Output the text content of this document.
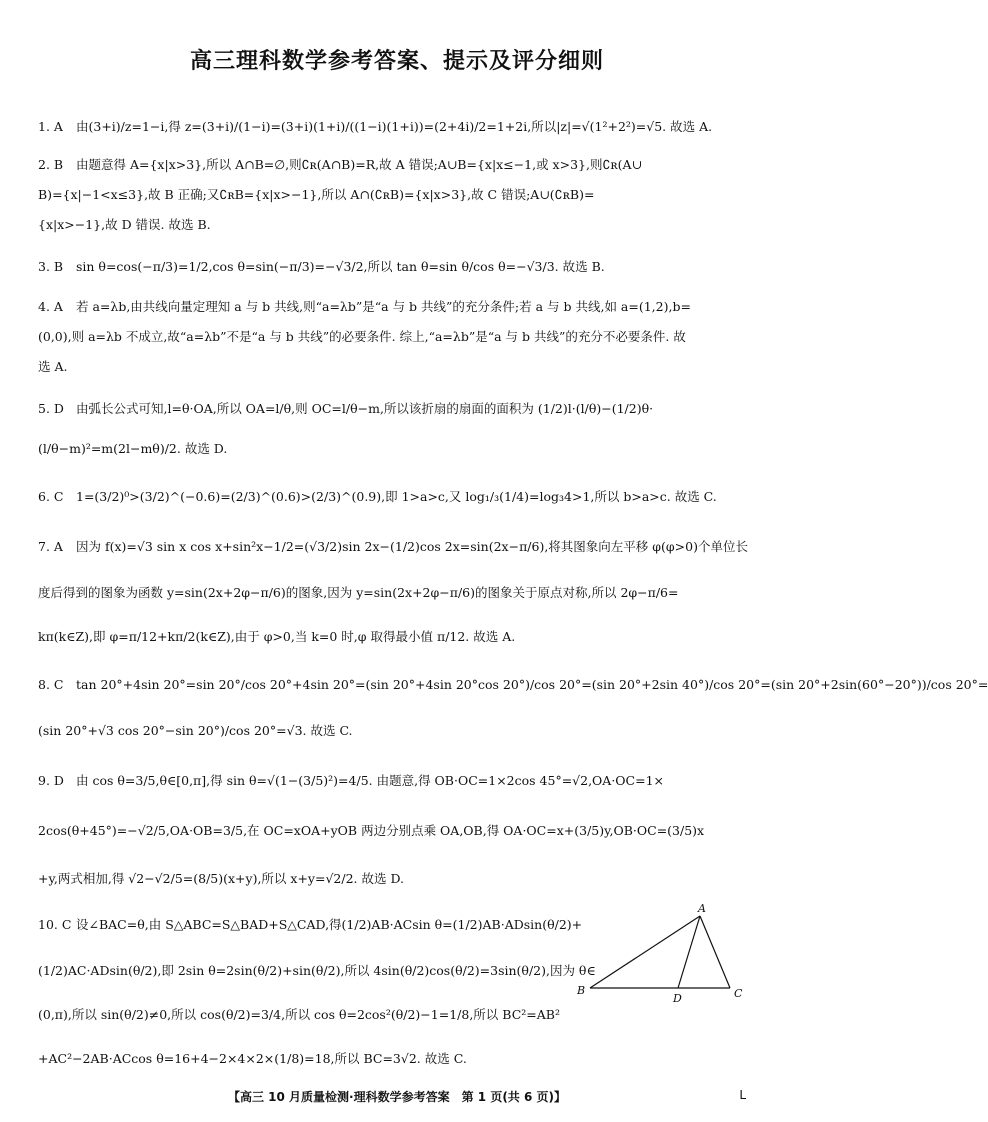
高三理科数学参考答案、提示及评分细则
1. A 由(3+i)/z=1−i,得 z=(3+i)/(1−i)=(3+i)(1+i)/((1−i)(1+i))=(2+4i)/2=1+2i,所以|z|=√(1²+2²)=√5. 故选 A.
2. B 由题意得 A={x|x>3},所以 A∩B=∅,则∁ʀ(A∩B)=R,故 A 错误;A∪B={x|x≤−1,或 x>3},则∁ʀ(A∪
B)={x|−1<x≤3},故 B 正确;又∁ʀB={x|x>−1},所以 A∩(∁ʀB)={x|x>3},故 C 错误;A∪(∁ʀB)=
{x|x>−1},故 D 错误. 故选 B.
3. B sin θ=cos(−π/3)=1/2,cos θ=sin(−π/3)=−√3/2,所以 tan θ=sin θ/cos θ=−√3/3. 故选 B.
4. A 若 a=λb,由共线向量定理知 a 与 b 共线,则“a=λb”是“a 与 b 共线”的充分条件;若 a 与 b 共线,如 a=(1,2),b=
(0,0),则 a=λb 不成立,故“a=λb”不是“a 与 b 共线”的必要条件. 综上,“a=λb”是“a 与 b 共线”的充分不必要条件. 故
选 A.
5. D 由弧长公式可知,l=θ·OA,所以 OA=l/θ,则 OC=l/θ−m,所以该折扇的扇面的面积为 (1/2)l·(l/θ)−(1/2)θ·
(l/θ−m)²=m(2l−mθ)/2. 故选 D.
6. C 1=(3/2)⁰>(3/2)^(−0.6)=(2/3)^(0.6)>(2/3)^(0.9),即 1>a>c,又 log₁/₃(1/4)=log₃4>1,所以 b>a>c. 故选 C.
7. A 因为 f(x)=√3 sin x cos x+sin²x−1/2=(√3/2)sin 2x−(1/2)cos 2x=sin(2x−π/6),将其图象向左平移 φ(φ>0)个单位长
度后得到的图象为函数 y=sin(2x+2φ−π/6)的图象,因为 y=sin(2x+2φ−π/6)的图象关于原点对称,所以 2φ−π/6=
kπ(k∈Z),即 φ=π/12+kπ/2(k∈Z),由于 φ>0,当 k=0 时,φ 取得最小值 π/12. 故选 A.
8. C tan 20°+4sin 20°=sin 20°/cos 20°+4sin 20°=(sin 20°+4sin 20°cos 20°)/cos 20°=(sin 20°+2sin 40°)/cos 20°=(sin 20°+2sin(60°−20°))/cos 20°=
(sin 20°+√3 cos 20°−sin 20°)/cos 20°=√3. 故选 C.
9. D 由 cos θ=3/5,θ∈[0,π],得 sin θ=√(1−(3/5)²)=4/5. 由题意,得 OB·OC=1×2cos 45°=√2,OA·OC=1×
2cos(θ+45°)=−√2/5,OA·OB=3/5,在 OC=xOA+yOB 两边分别点乘 OA,OB,得 OA·OC=x+(3/5)y,OB·OC=(3/5)x
+y,两式相加,得 √2−√2/5=(8/5)(x+y),所以 x+y=√2/2. 故选 D.
10. C 设∠BAC=θ,由 S△ABC=S△BAD+S△CAD,得(1/2)AB·ACsin θ=(1/2)AB·ADsin(θ/2)+
(1/2)AC·ADsin(θ/2),即 2sin θ=2sin(θ/2)+sin(θ/2),所以 4sin(θ/2)cos(θ/2)=3sin(θ/2),因为 θ∈
(0,π),所以 sin(θ/2)≠0,所以 cos(θ/2)=3/4,所以 cos θ=2cos²(θ/2)−1=1/8,所以 BC²=AB²
+AC²−2AB·ACcos θ=16+4−2×4×2×(1/8)=18,所以 BC=3√2. 故选 C.
A
B	C
D
【高三 10 月质量检测·理科数学参考答案　第 1 页(共 6 页)】	L
